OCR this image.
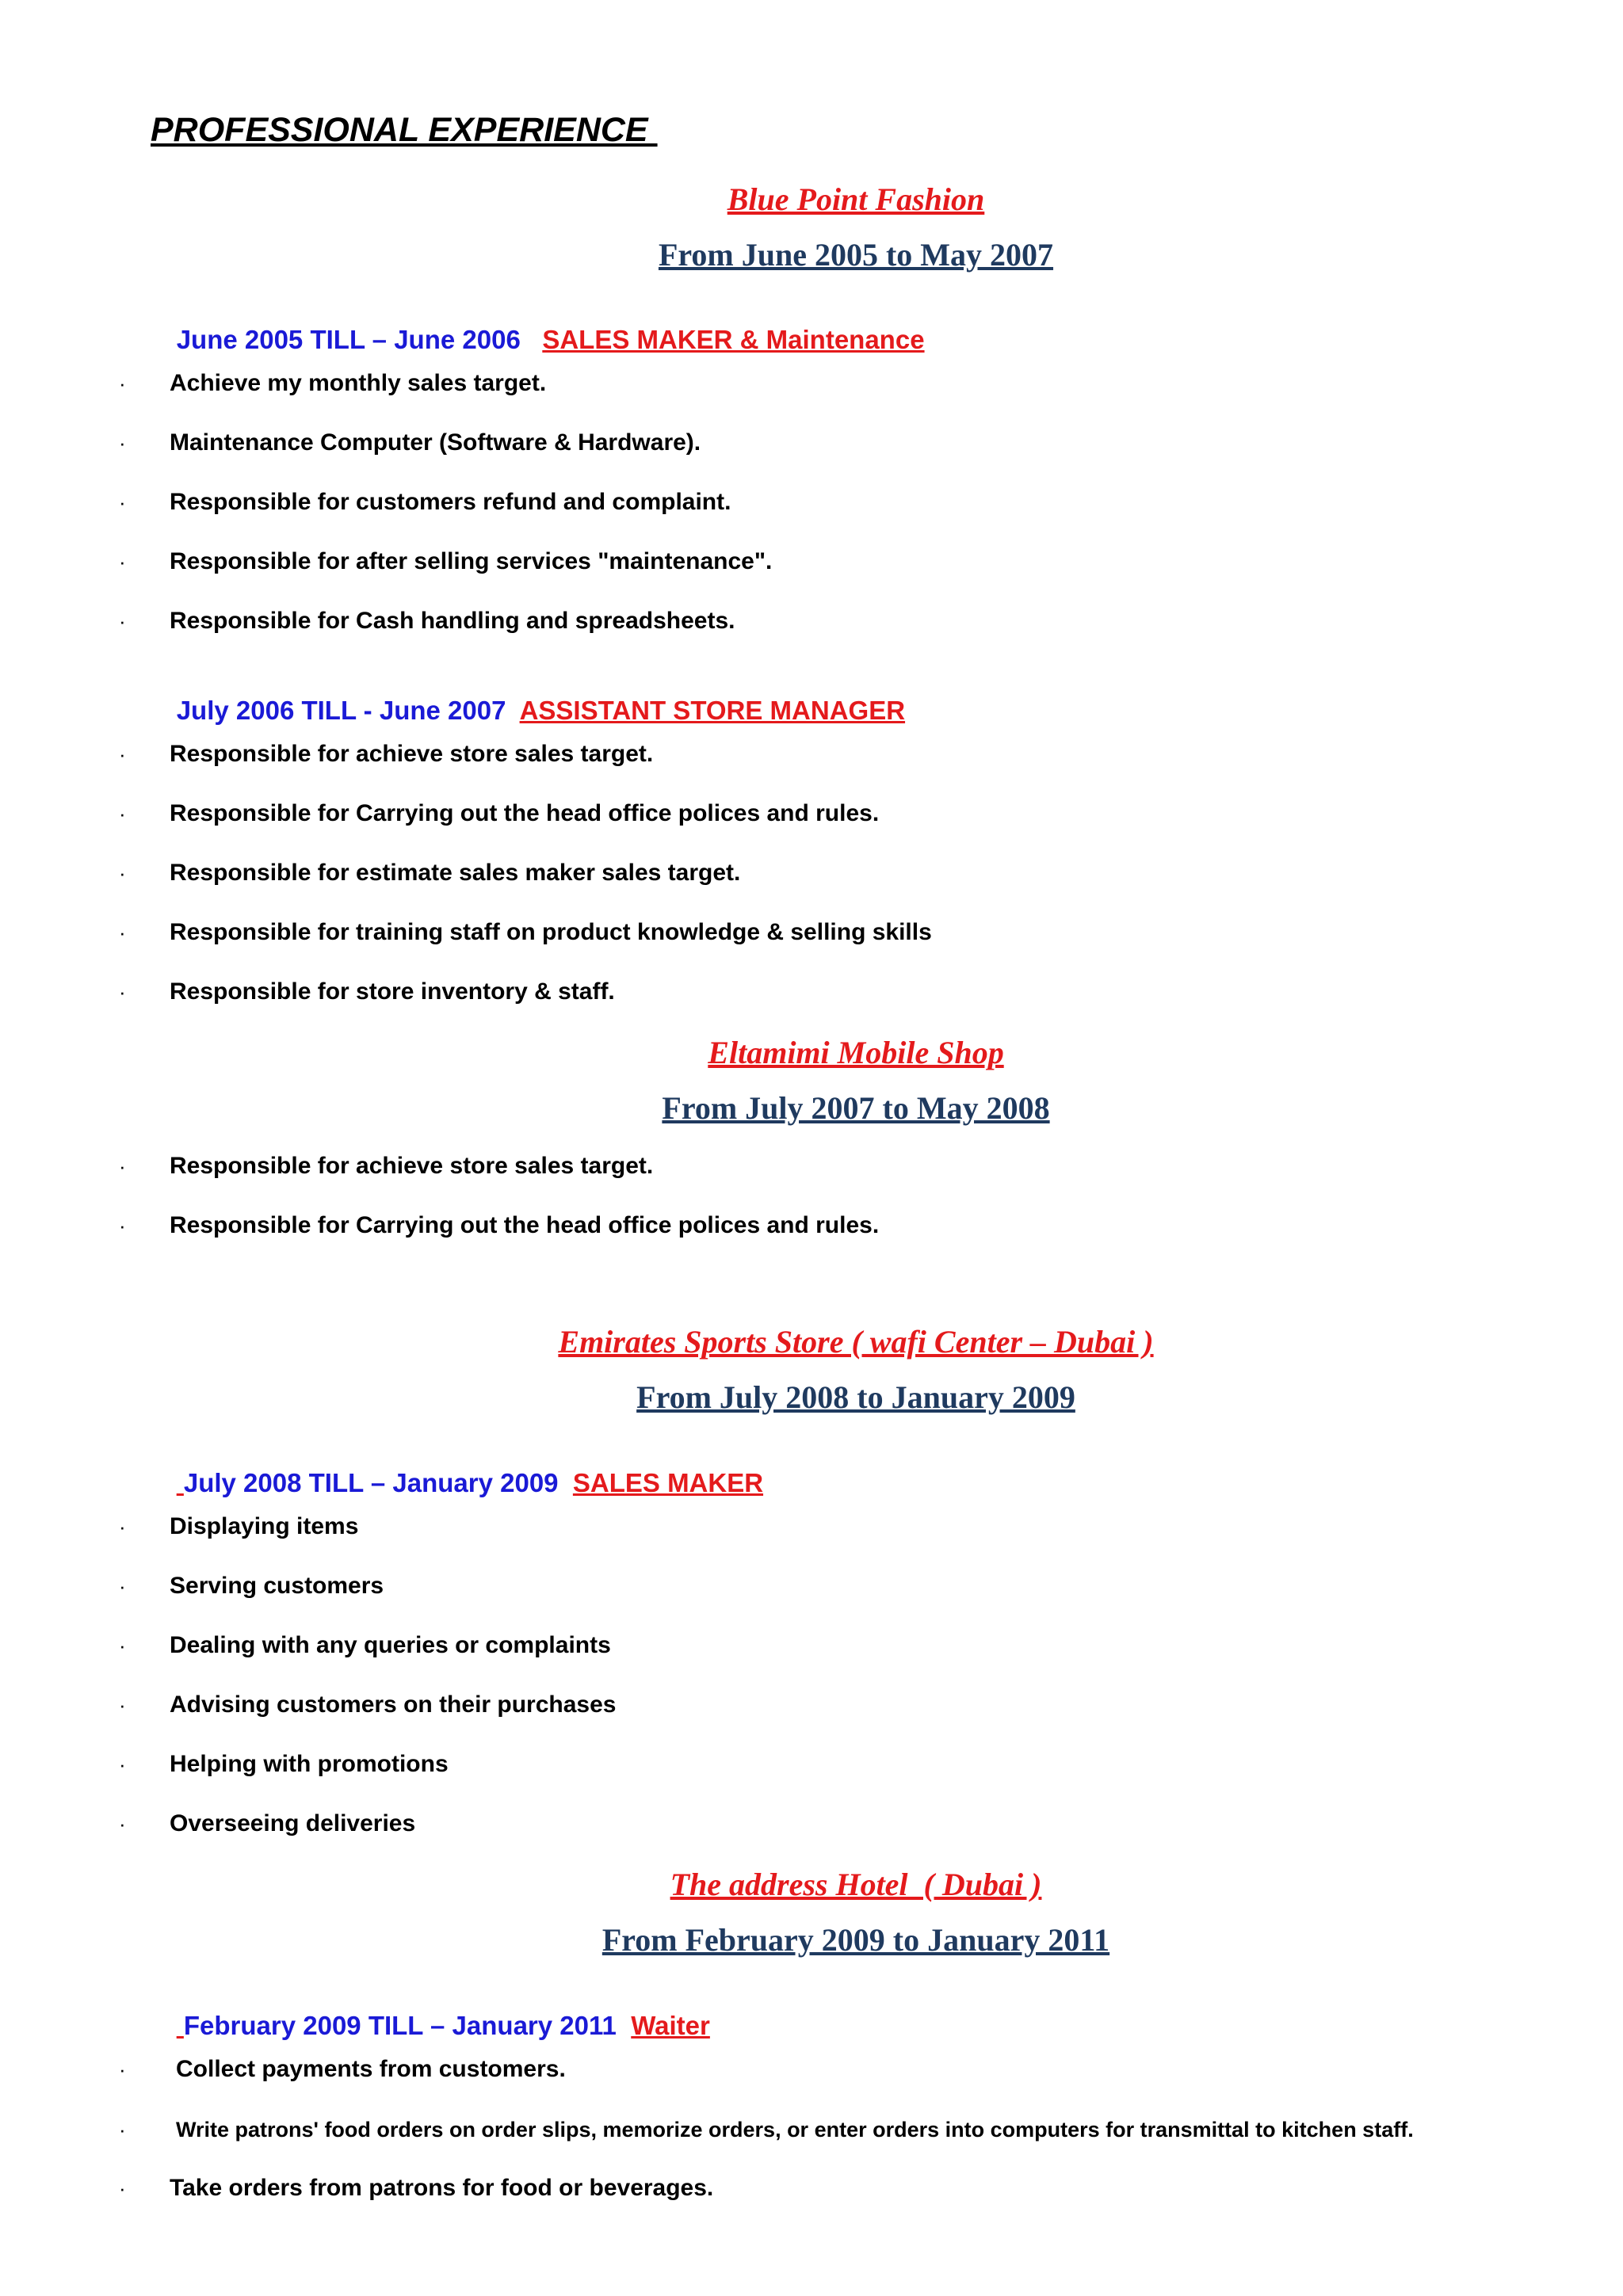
PROFESSIONAL EXPERIENCE
Blue Point Fashion
From June 2005 to May 2007

June 2005 TILL – June 2006 SALES MAKER & Maintenance

· Achieve my monthly sales target.
· Maintenance Computer (Software & Hardware).
· Responsible for customers refund and complaint.
· Responsible for after selling services "maintenance".
· Responsible for Cash handling and spreadsheets.

July 2006 TILL - June 2007 ASSISTANT STORE MANAGER

· Responsible for achieve store sales target.
· Responsible for Carrying out the head office polices and rules.
· Responsible for estimate sales maker sales target.
· Responsible for training staff on product knowledge & selling skills
· Responsible for store inventory & staff.
Eltamimi Mobile Shop
From July 2007 to May 2008
· Responsible for achieve store sales target.
· Responsible for Carrying out the head office polices and rules.
Emirates Sports Store ( wafi Center – Dubai )
From July 2008 to January 2009

July 2008 TILL – January 2009 SALES MAKER

· Displaying items
· Serving customers
· Dealing with any queries or complaints
· Advising customers on their purchases
· Helping with promotions
· Overseeing deliveries
The address Hotel  ( Dubai )
From February 2009 to January 2011

February 2009 TILL – January 2011 Waiter

· Collect payments from customers.
· Write patrons' food orders on order slips, memorize orders, or enter orders into computers for transmittal to kitchen staff.
· Take orders from patrons for food or beverages.
